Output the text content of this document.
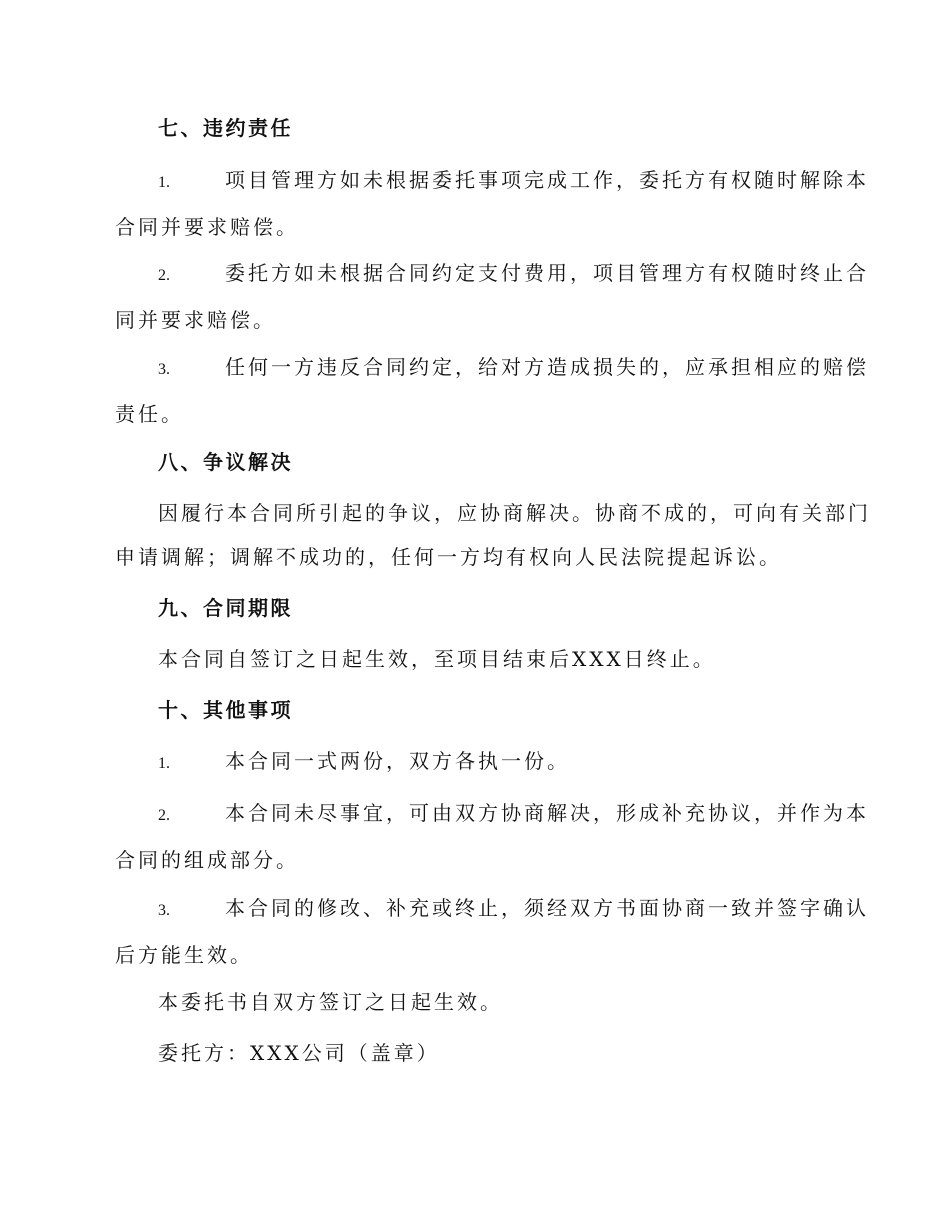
七、违约责任
1.	项目管理方如未根据委托事项完成工作，委托方有权随时解除本
合同并要求赔偿。
2.	委托方如未根据合同约定支付费用，项目管理方有权随时终止合
同并要求赔偿。
3.	任何一方违反合同约定，给对方造成损失的，应承担相应的赔偿
责任。
八、争议解决
因履行本合同所引起的争议，应协商解决。协商不成的，可向有关部门
申请调解；调解不成功的，任何一方均有权向人民法院提起诉讼。
九、合同期限
本合同自签订之日起生效，至项目结束后XXX日终止。
十、其他事项
1.	本合同一式两份，双方各执一份。
2.	本合同未尽事宜，可由双方协商解决，形成补充协议，并作为本
合同的组成部分。
3.	本合同的修改、补充或终止，须经双方书面协商一致并签字确认
后方能生效。
本委托书自双方签订之日起生效。
委托方：XXX公司（盖章）
